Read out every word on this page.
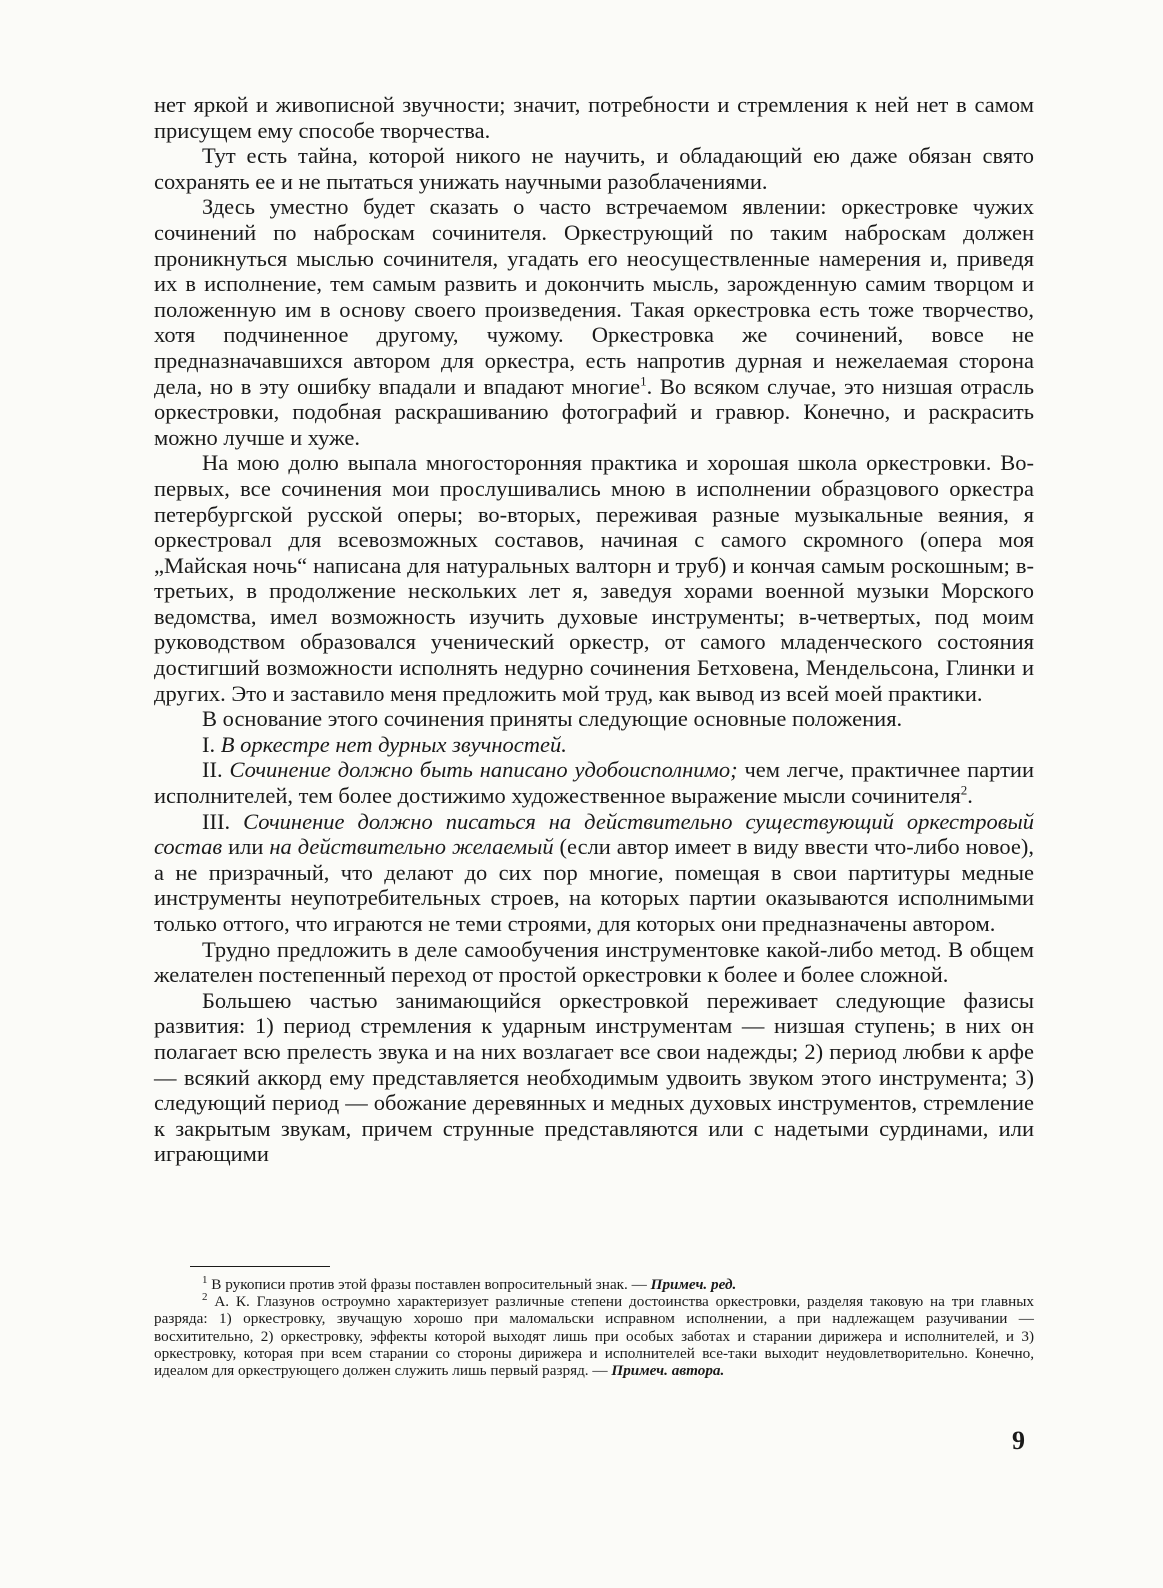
нет яркой и живописной звучности; значит, потребности и стремления к ней нет в самом присущем ему способе творчества.

Тут есть тайна, которой никого не научить, и обладающий ею даже обязан свято сохранять ее и не пытаться унижать научными разоблачениями.

Здесь уместно будет сказать о часто встречаемом явлении: оркестровке чужих сочинений по наброскам сочинителя. Оркеструющий по таким наброскам должен проникнуться мыслью сочинителя, угадать его неосуществленные намерения и, приведя их в исполнение, тем самым развить и докончить мысль, зарожденную самим творцом и положенную им в основу своего произведения. Такая оркестровка есть тоже творчество, хотя подчиненное другому, чужому. Оркестровка же сочинений, вовсе не предназначавшихся автором для оркестра, есть напротив дурная и нежелаемая сторона дела, но в эту ошибку впадали и впадают многие$^1$. Во всяком случае, это низшая отрасль оркестровки, подобная раскрашиванию фотографий и гравюр. Конечно, и раскрасить можно лучше и хуже.

На мою долю выпала многосторонняя практика и хорошая школа оркестровки. Во-первых, все сочинения мои прослушивались мною в исполнении образцового оркестра петербургской русской оперы; во-вторых, переживая разные музыкальные веяния, я оркестровал для всевозможных составов, начиная с самого скромного (опера моя „Майская ночь“ написана для натуральных валторн и труб) и кончая самым роскошным; в-третьих, в продолжение нескольких лет я, заведуя хорами военной музыки Морского ведомства, имел возможность изучить духовые инструменты; в-четвертых, под моим руководством образовался ученический оркестр, от самого младенческого состояния достигший возможности исполнять недурно сочинения Бетховена, Мендельсона, Глинки и других. Это и заставило меня предложить мой труд, как вывод из всей моей практики.

В основание этого сочинения приняты следующие основные положения.

I. В оркестре нет дурных звучностей.

II. Сочинение должно быть написано удобоисполнимо; чем легче, практичнее партии исполнителей, тем более достижимо художественное выражение мысли сочинителя$^2$.

III. Сочинение должно писаться на действительно существующий оркестровый состав или на действительно желаемый (если автор имеет в виду ввести что-либо новое), а не призрачный, что делают до сих пор многие, помещая в свои партитуры медные инструменты неупотребительных строев, на которых партии оказываются исполнимыми только оттого, что играются не теми строями, для которых они предназначены автором.

Трудно предложить в деле самообучения инструментовке какой-либо метод. В общем желателен постепенный переход от простой оркестровки к более и более сложной.

Большею частью занимающийся оркестровкой переживает следующие фазисы развития: 1) период стремления к ударным инструментам — низшая ступень; в них он полагает всю прелесть звука и на них возлагает все свои надежды; 2) период любви к арфе — всякий аккорд ему представляется необходимым удвоить звуком этого инструмента; 3) следующий период — обожание деревянных и медных духовых инструментов, стремление к закрытым звукам, причем струнные представляются или с надетыми сурдинами, или играющими

$^1$ В рукописи против этой фразы поставлен вопросительный знак. — Примеч. ред.

$^2$ А. К. Глазунов остроумно характеризует различные степени достоинства оркестровки, разделяя таковую на три главных разряда: 1) оркестровку, звучащую хорошо при маломальски исправном исполнении, а при надлежащем разучивании — восхитительно, 2) оркестровку, эффекты которой выходят лишь при особых заботах и старании дирижера и исполнителей, и 3) оркестровку, которая при всем старании со стороны дирижера и исполнителей все-таки выходит неудовлетворительно. Конечно, идеалом для оркеструющего должен служить лишь первый разряд. — Примеч. автора.

9
